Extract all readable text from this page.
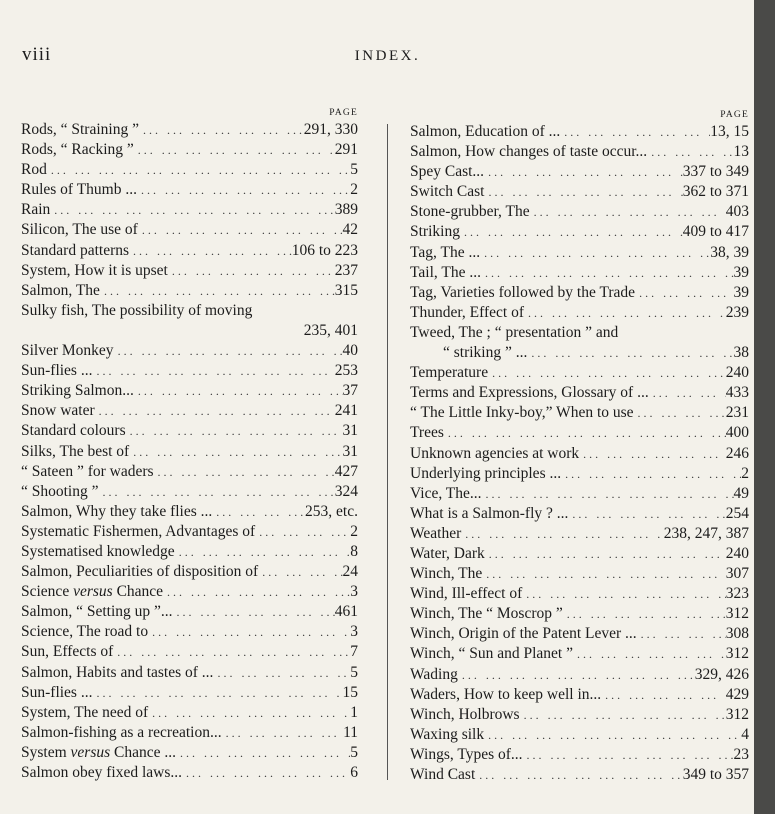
viii	INDEX.
PAGE
Rods, “ Straining ” ... .	291, 330
Rods, “ Racking ” ... .	291
Rod ... .	5
Rules of Thumb ... ... .	2
Rain ... .	389
Silicon, The use of ... .	42
Standard patterns ... .	106 to 223
System, How it is upset ... .	237
Salmon, The ... .	315
Sulky fish, The possibility of moving
235, 401
Silver Monkey ... .	40
Sun-flies ... ... .	253
Striking Salmon... ... .	37
Snow water ... .	241
Standard colours ... .	31
Silks, The best of ... .	31
“ Sateen ” for waders ... .	427
“ Shooting ” ... .	324
Salmon, Why they take flies ... ... .	253, etc.
Systematic Fishermen, Advantages of ... .	2
Systematised knowledge ... .	8
Salmon, Peculiarities of disposition of ... .	24
Science versus Chance ... .	3
Salmon, “ Setting up ”... ... .	461
Science, The road to ... .	3
Sun, Effects of ... .	7
Salmon, Habits and tastes of ... ... .	5
Sun-flies ... ... .	15
System, The need of ... .	1
Salmon-fishing as a recreation... ... .	11
System versus Chance ... ... .	5
Salmon obey fixed laws... ... .	6
PAGE
Salmon, Education of ... ... .	13, 15
Salmon, How changes of taste occur... ... .	13
Spey Cast... ... .	337 to 349
Switch Cast ... .	362 to 371
Stone-grubber, The ... .	403
Striking ... .	409 to 417
Tag, The ... ... .	38, 39
Tail, The ... ... .	39
Tag, Varieties followed by the Trade ... .	39
Thunder, Effect of ... .	239
Tweed, The ; “ presentation ” and
“ striking ” ... ... .	38
Temperature ... .	240
Terms and Expressions, Glossary of ... ... .	433
“ The Little Inky-boy,” When to use ... .	231
Trees ... .	400
Unknown agencies at work ... .	246
Underlying principles ... ... .	2
Vice, The... ... .	49
What is a Salmon-fly ? ... ... .	254
Weather ... .	238, 247, 387
Water, Dark ... .	240
Winch, The ... .	307
Wind, Ill-effect of ... .	323
Winch, The “ Moscrop ” ... .	312
Winch, Origin of the Patent Lever ... ... .	308
Winch, “ Sun and Planet ” ... .	312
Wading ... .	329, 426
Waders, How to keep well in... ... .	429
Winch, Holbrows ... .	312
Waxing silk ... .	4
Wings, Types of... ... .	23
Wind Cast ... .	349 to 357
